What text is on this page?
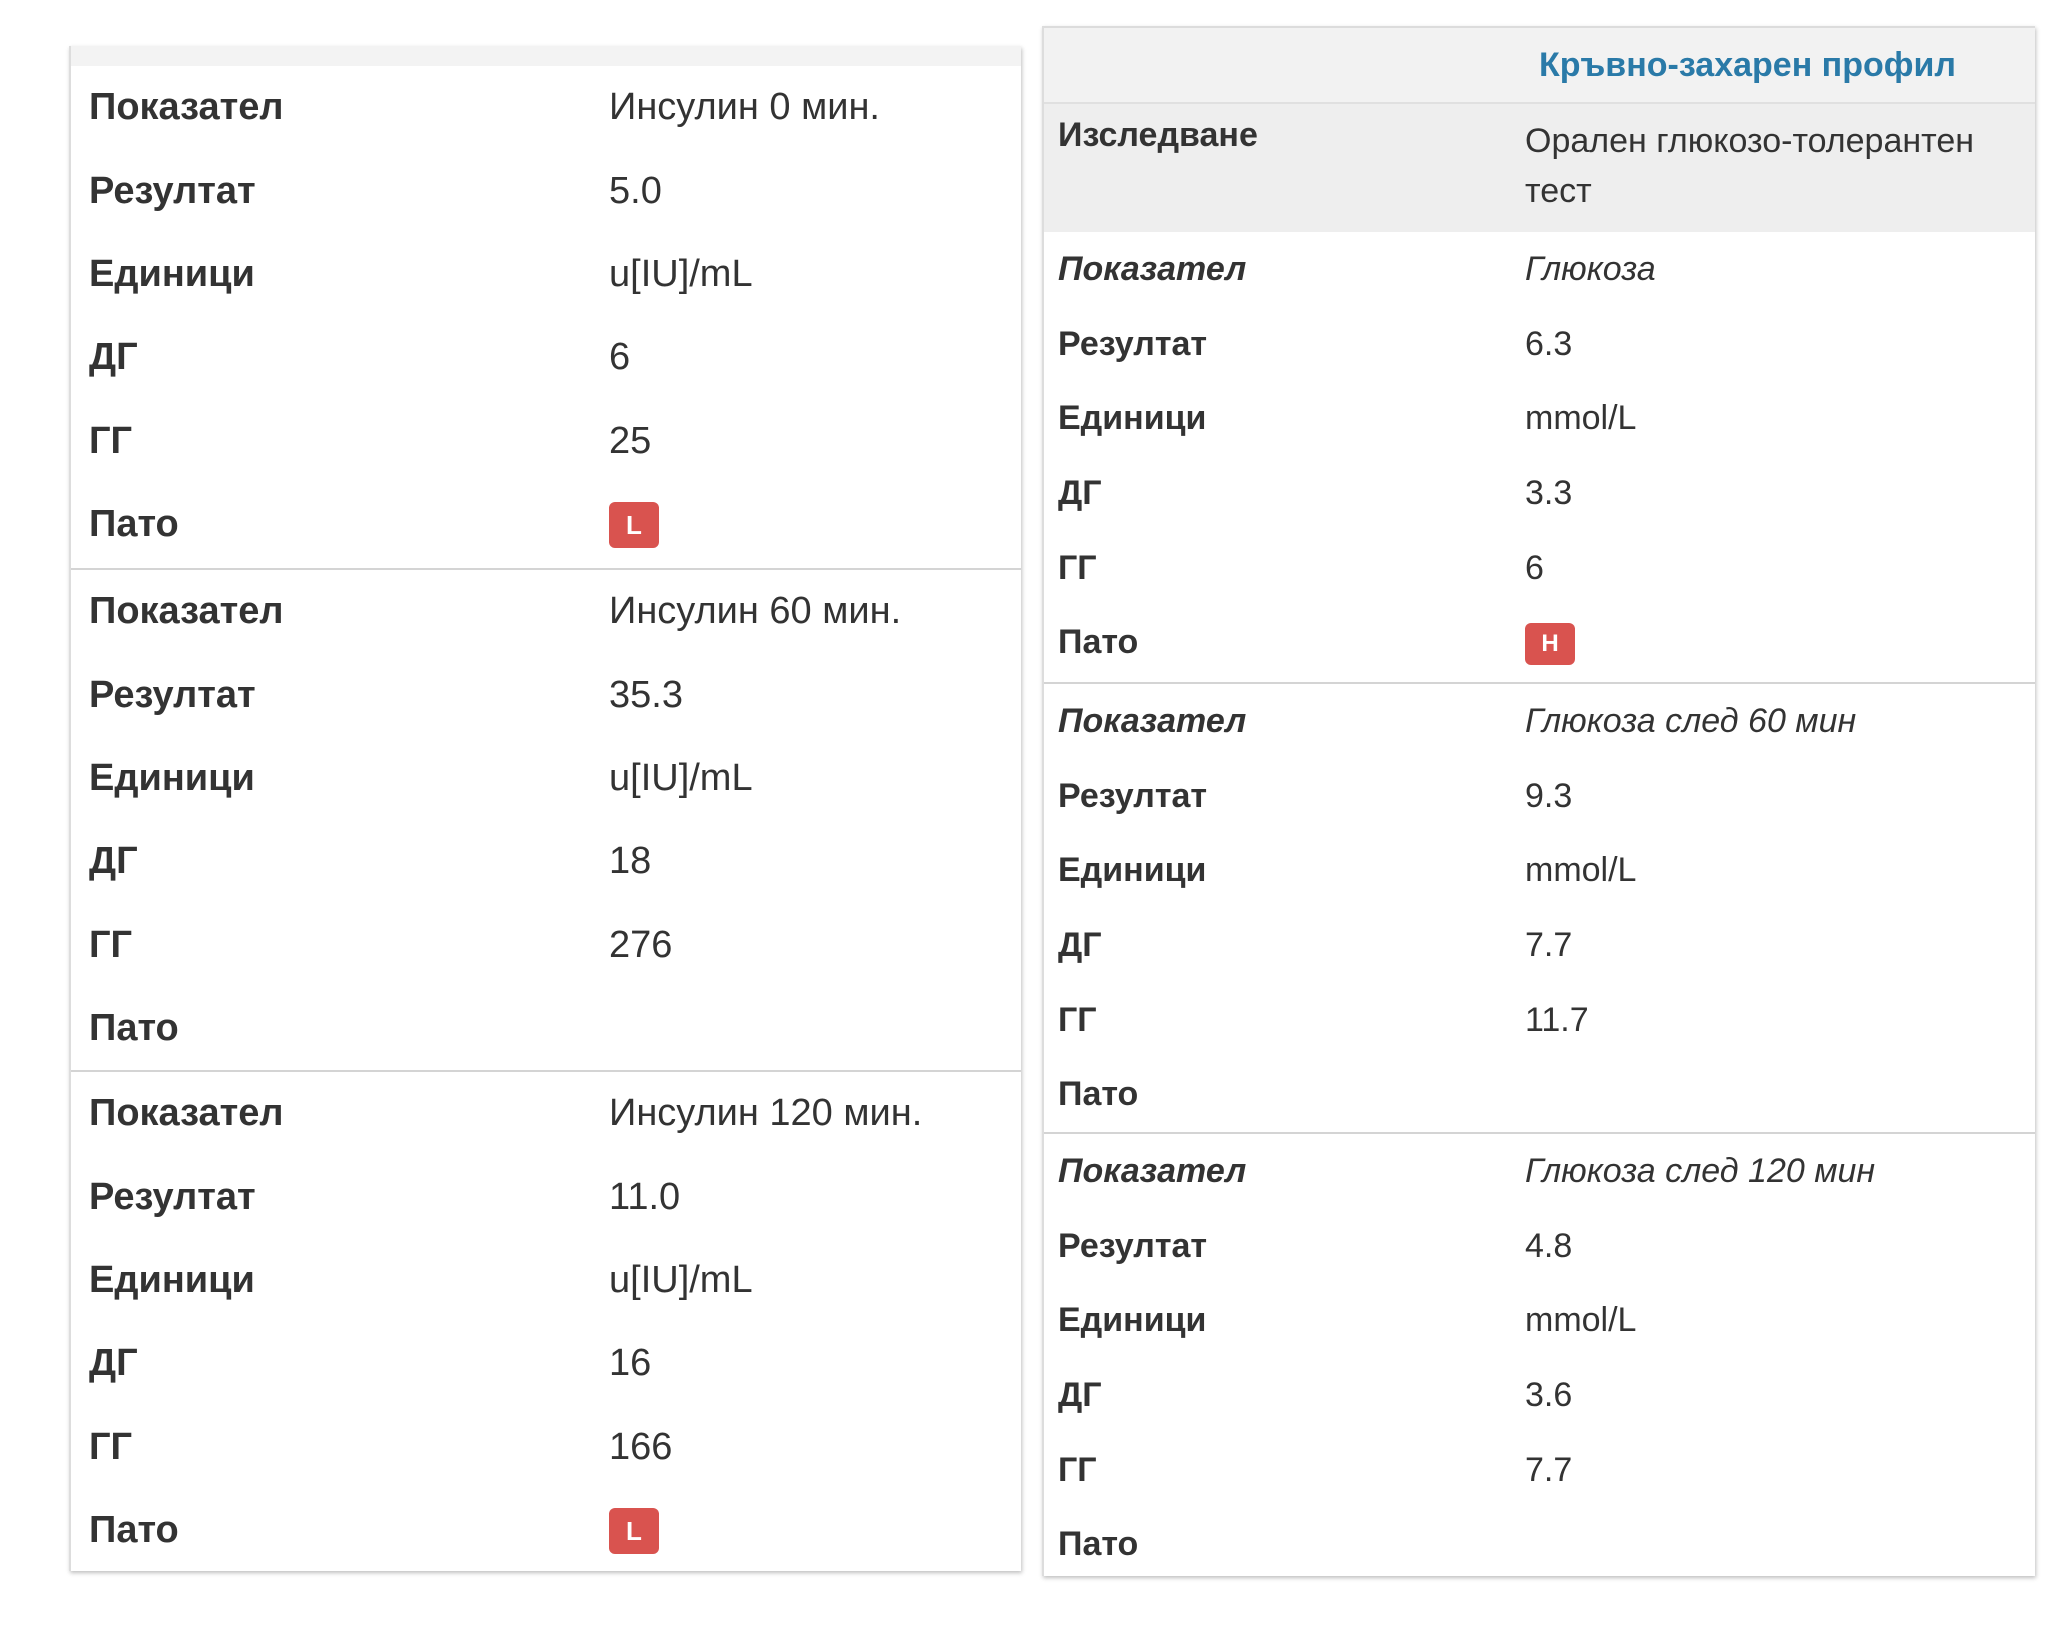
Показател	Инсулин 0 мин.
Резултат	5.0
Единици	u[IU]/mL
ДГ	6
ГГ	25
Пато	L
Показател	Инсулин 60 мин.
Резултат	35.3
Единици	u[IU]/mL
ДГ	18
ГГ	276
Пато
Показател	Инсулин 120 мин.
Резултат	11.0
Единици	u[IU]/mL
ДГ	16
ГГ	166
Пато	L
Кръвно-захарен профил
Изследване	Орален глюкозо-толерантен тест
Показател	Глюкоза
Резултат	6.3
Единици	mmol/L
ДГ	3.3
ГГ	6
Пато	H
Показател	Глюкоза след 60 мин
Резултат	9.3
Единици	mmol/L
ДГ	7.7
ГГ	11.7
Пато
Показател	Глюкоза след 120 мин
Резултат	4.8
Единици	mmol/L
ДГ	3.6
ГГ	7.7
Пато
